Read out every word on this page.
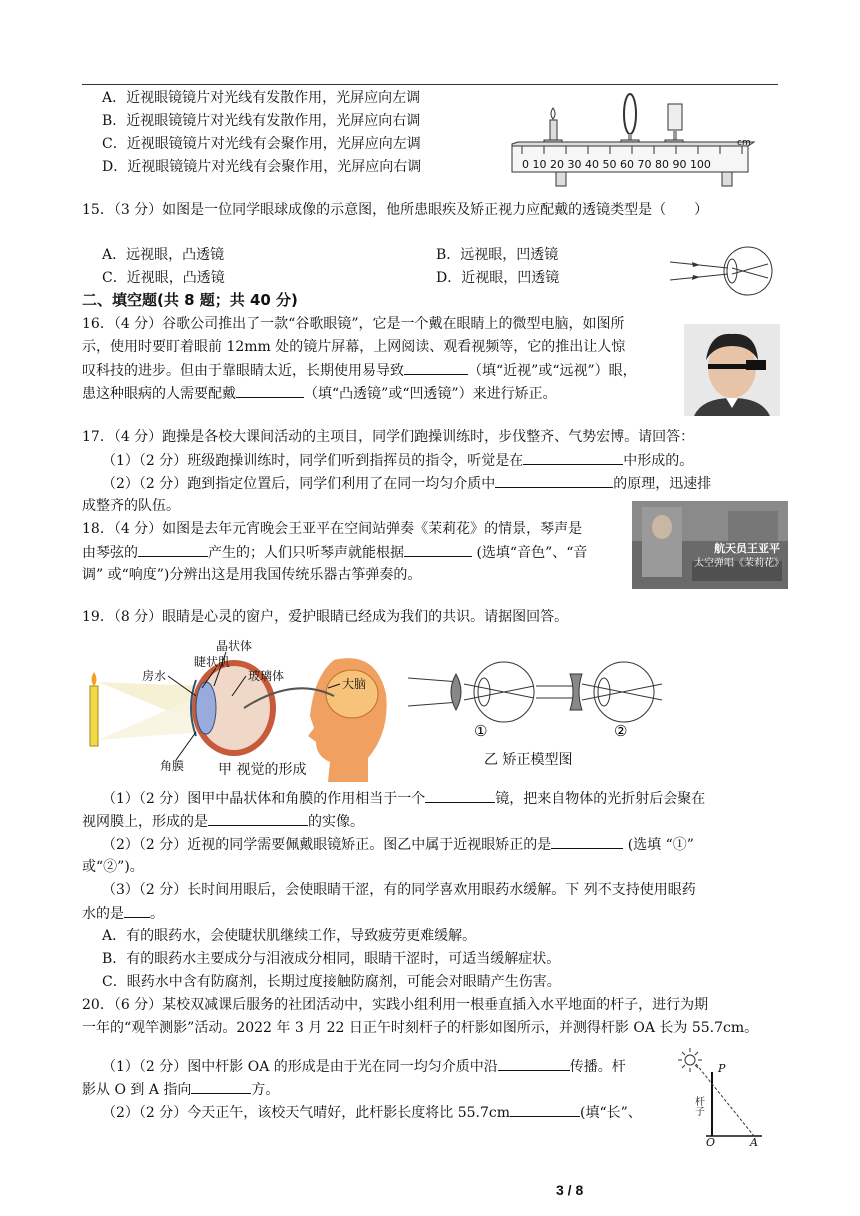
A．近视眼镜镜片对光线有发散作用，光屏应向左调
B．近视眼镜镜片对光线有发散作用，光屏应向右调
C．近视眼镜镜片对光线有会聚作用，光屏应向左调
D．近视眼镜镜片对光线有会聚作用，光屏应向右调	0 10 20 30 40 50 60 70 80 90 100
cm
15．（3 分）如图是一位同学眼球成像的示意图，他所患眼疾及矫正视力应配戴的透镜类型是（　　）
A．远视眼，凸透镜	B．远视眼，凹透镜
C．近视眼，凸透镜	D．近视眼，凹透镜
二、填空题(共 8 题；共 40 分)
16．（4 分）谷歌公司推出了一款“谷歌眼镜”，它是一个戴在眼睛上的微型电脑，如图所
示，使用时要盯着眼前 12mm 处的镜片屏幕，上网阅读、观看视频等，它的推出让人惊
叹科技的进步。但由于靠眼睛太近，长期使用易导致	（填“近视”或“远视”）眼，
患这种眼病的人需要配戴	（填“凸透镜”或“凹透镜”）来进行矫正。
17．（4 分）跑操是各校大课间活动的主项目，同学们跑操训练时，步伐整齐、气势宏博。请回答：
（1）（2 分）班级跑操训练时，同学们听到指挥员的指令，听觉是在	中形成的。
（2）（2 分）跑到指定位置后，同学们利用了在同一均匀介质中	的原理，迅速排
成整齐的队伍。
18．（4 分）如图是去年元宵晚会王亚平在空间站弹奏《茉莉花》的情景，琴声是
由琴弦的	产生的；人们只听琴声就能根据	(选填“音色”、“音
调” 或“响度”)分辨出这是用我国传统乐器古筝弹奏的。
航天员王亚平
太空弹唱《茉莉花》
19．（8 分）眼睛是心灵的窗户，爱护眼睛已经成为我们的共识。请据图回答。
晶状体
睫状肌
房水	玻璃体
角膜
大脑
甲 视觉的形成
①	②
乙 矫正模型图
（1）（2 分）图甲中晶状体和角膜的作用相当于一个	镜，把来自物体的光折射后会聚在
视网膜上，形成的是	的实像。
（2）（2 分）近视的同学需要佩戴眼镜矫正。图乙中属于近视眼矫正的是	(选填 “①”
或“②”)。
（3）（2 分）长时间用眼后，会使眼睛干涩，有的同学喜欢用眼药水缓解。下 列不支持使用眼药
水的是 。
A．有的眼药水，会使睫状肌继续工作，导致疲劳更难缓解。
B．有的眼药水主要成分与泪液成分相同，眼睛干涩时，可适当缓解症状。
C．眼药水中含有防腐剂，长期过度接触防腐剂，可能会对眼睛产生伤害。
20．（6 分）某校双减课后服务的社团活动中，实践小组利用一根垂直插入水平地面的杆子，进行为期
一年的“观竿测影”活动。2022 年 3 月 22 日正午时刻杆子的杆影如图所示，并测得杆影 OA 长为 55.7cm。
（1）（2 分）图中杆影 OA 的形成是由于光在同一均匀介质中沿	传播。杆
影从 O 到 A 指向	方。
（2）（2 分）今天正午，该校天气晴好，此杆影长度将比 55.7cm	(填“长”、
P
O	A
杆子
3 / 8
